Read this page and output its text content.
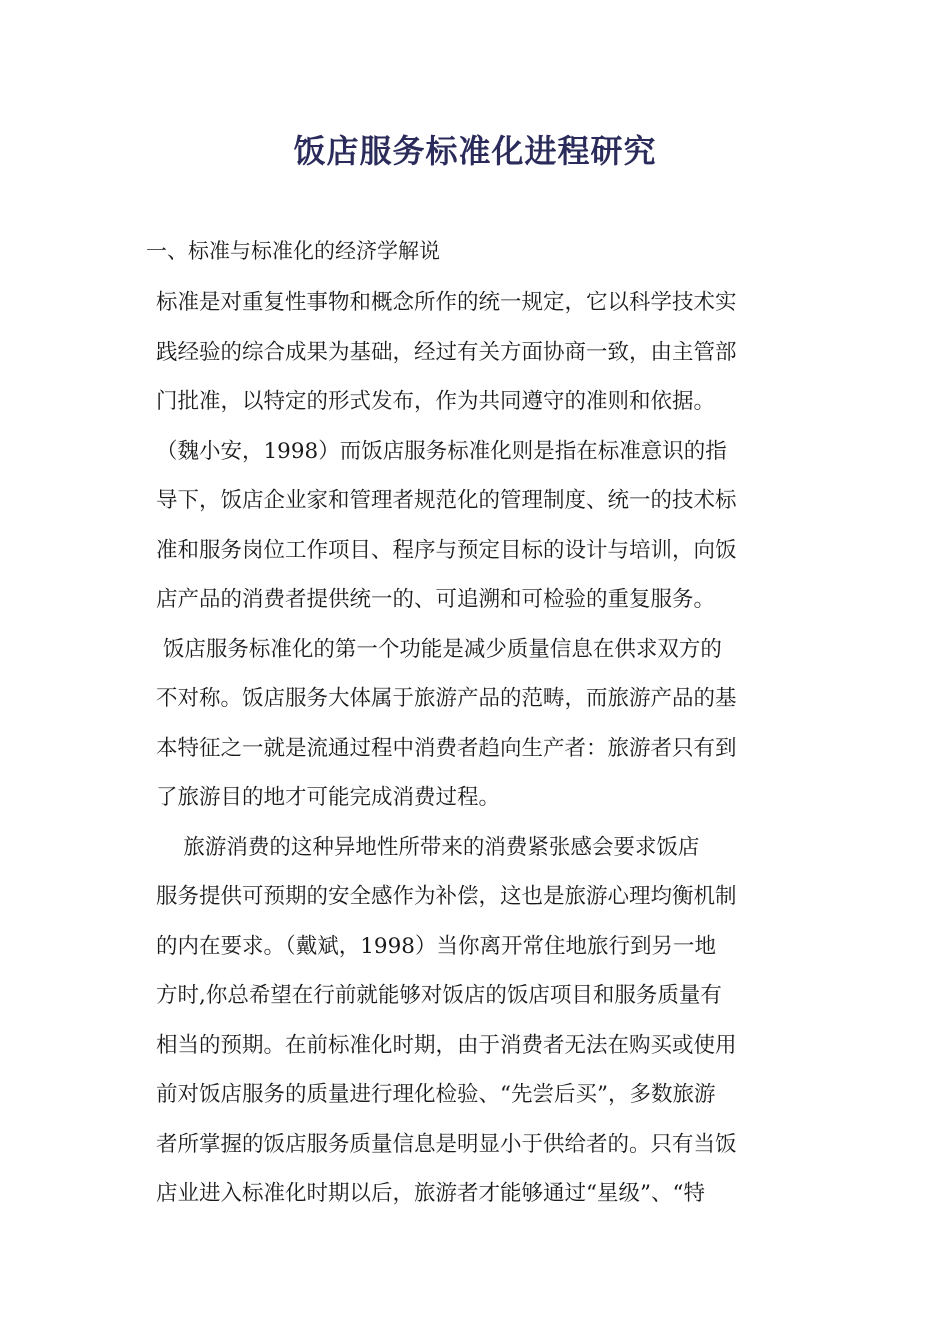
饭店服务标准化进程研究
一、标准与标准化的经济学解说

标准是对重复性事物和概念所作的统一规定，它以科学技术实

践经验的综合成果为基础，经过有关方面协商一致，由主管部

门批准，以特定的形式发布，作为共同遵守的准则和依据。

（魏小安，1998）而饭店服务标准化则是指在标准意识的指

导下，饭店企业家和管理者规范化的管理制度、统一的技术标

准和服务岗位工作项目、程序与预定目标的设计与培训，向饭

店产品的消费者提供统一的、可追溯和可检验的重复服务。

饭店服务标准化的第一个功能是减少质量信息在供求双方的

不对称。饭店服务大体属于旅游产品的范畴，而旅游产品的基

本特征之一就是流通过程中消费者趋向生产者：旅游者只有到

了旅游目的地才可能完成消费过程。

旅游消费的这种异地性所带来的消费紧张感会要求饭店

服务提供可预期的安全感作为补偿，这也是旅游心理均衡机制

的内在要求。（戴斌，1998）当你离开常住地旅行到另一地

方时,你总希望在行前就能够对饭店的饭店项目和服务质量有

相当的预期。在前标准化时期，由于消费者无法在购买或使用

前对饭店服务的质量进行理化检验、“先尝后买”，多数旅游

者所掌握的饭店服务质量信息是明显小于供给者的。只有当饭

店业进入标准化时期以后，旅游者才能够通过“星级”、“特
